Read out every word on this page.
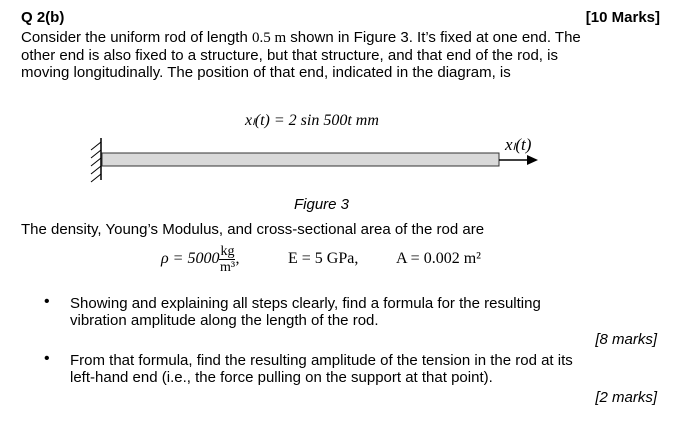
Q 2(b)	[10 Marks]
Consider the uniform rod of length 0.5 m shown in Figure 3. It’s fixed at one end. The
other end is also fixed to a structure, but that structure, and that end of the rod, is
moving longitudinally. The position of that end, indicated in the diagram, is
xₗ(t) = 2 sin 500t mm
xₗ(t)
Figure 3
The density, Young’s Modulus, and cross-sectional area of the rod are
$\rho = 5000 \frac{kg}{\text{m³}}$ ,	E = 5 GPa, A = 0.002 m²
• Showing and explaining all steps clearly, find a formula for the resulting
vibration amplitude along the length of the rod.
[8 marks]
• From that formula, find the resulting amplitude of the tension in the rod at its
left-hand end (i.e., the force pulling on the support at that point).
[2 marks]
